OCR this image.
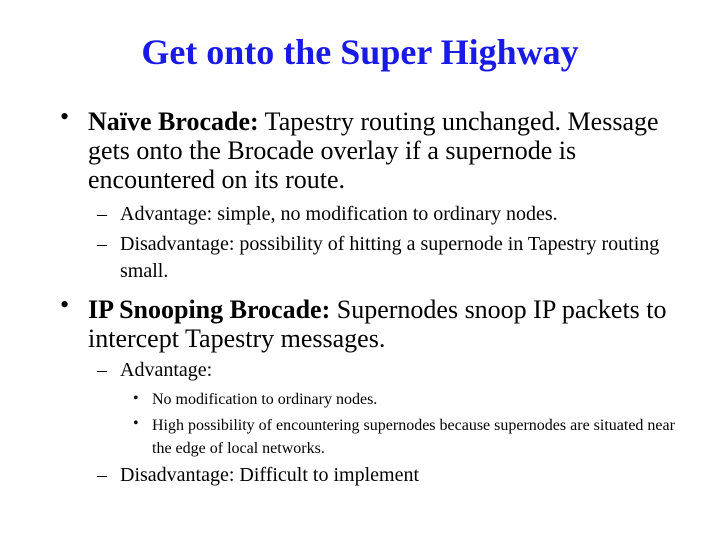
Get onto the Super Highway
• Naïve Brocade: Tapestry routing unchanged. Message gets onto the Brocade overlay if a supernode is encountered on its route.
– Advantage: simple, no modification to ordinary nodes.
– Disadvantage: possibility of hitting a supernode in Tapestry routing small.
• IP Snooping Brocade: Supernodes snoop IP packets to intercept Tapestry messages.
– Advantage:
• No modification to ordinary nodes.
• High possibility of encountering supernodes because supernodes are situated near the edge of local networks.
– Disadvantage: Difficult to implement
